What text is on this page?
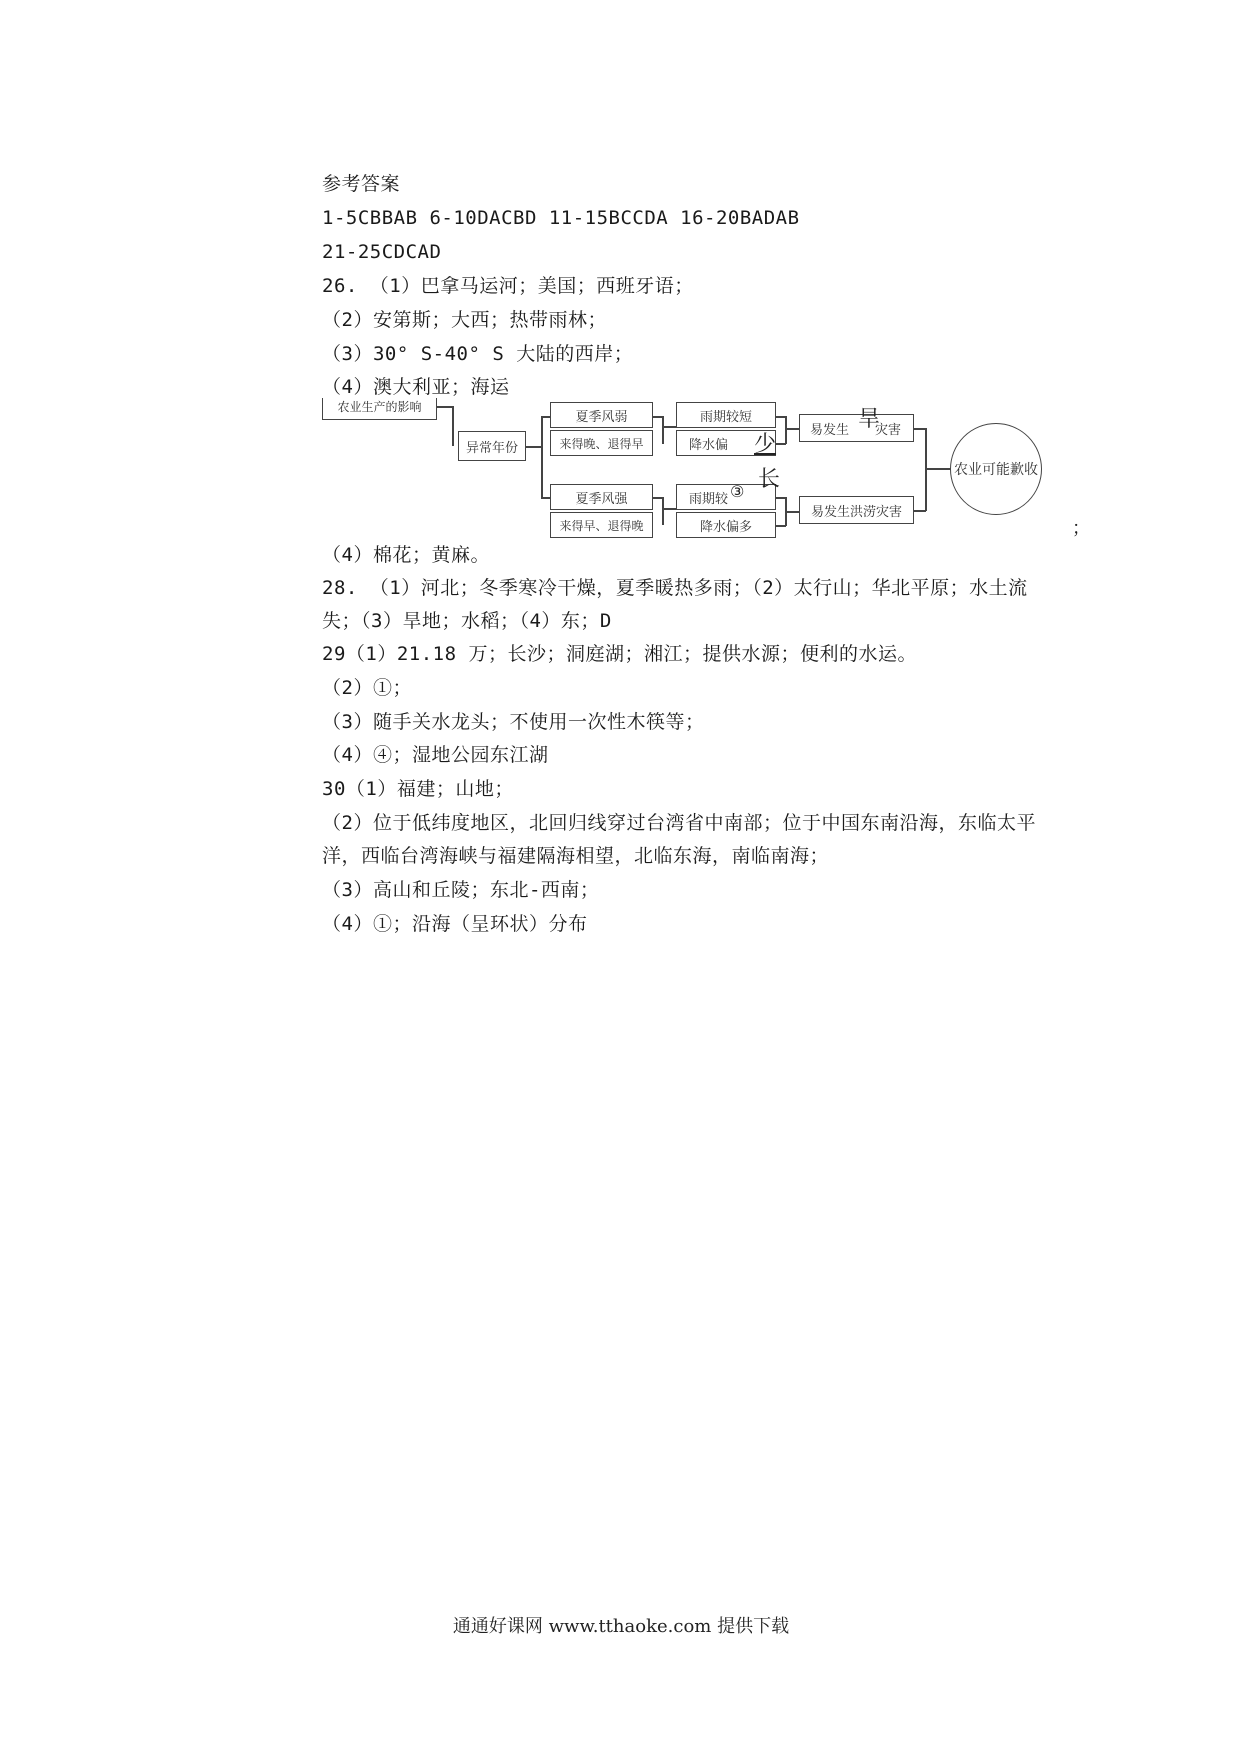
参考答案
1-5CBBAB 6-10DACBD 11-15BCCDA 16-20BADAB
21-25CDCAD
26. （1）巴拿马运河；美国；西班牙语；
（2）安第斯；大西；热带雨林；
（3）30° S-40° S 大陆的西岸；
（4）澳大利亚；海运
农业生产的影响
异常年份
夏季风弱
来得晚、退得早
夏季风强
来得早、退得晚
雨期较短
降水偏
雨期较
降水偏多
易发生 灾害
易发生洪涝灾害
农业可能歉收
旱
少
长
③
；
（4）棉花；黄麻。
28. （1）河北；冬季寒冷干燥，夏季暖热多雨；（2）太行山；华北平原；水土流
失；（3）旱地；水稻；（4）东；D
29（1）21.18 万；长沙；洞庭湖；湘江；提供水源；便利的水运。
（2）①；
（3）随手关水龙头；不使用一次性木筷等；
（4）④；湿地公园东江湖
30（1）福建；山地；
（2）位于低纬度地区，北回归线穿过台湾省中南部；位于中国东南沿海，东临太平
洋，西临台湾海峡与福建隔海相望，北临东海，南临南海；
（3）高山和丘陵；东北-西南；
（4）①；沿海（呈环状）分布
通通好课网 www.tthaoke.com 提供下载
